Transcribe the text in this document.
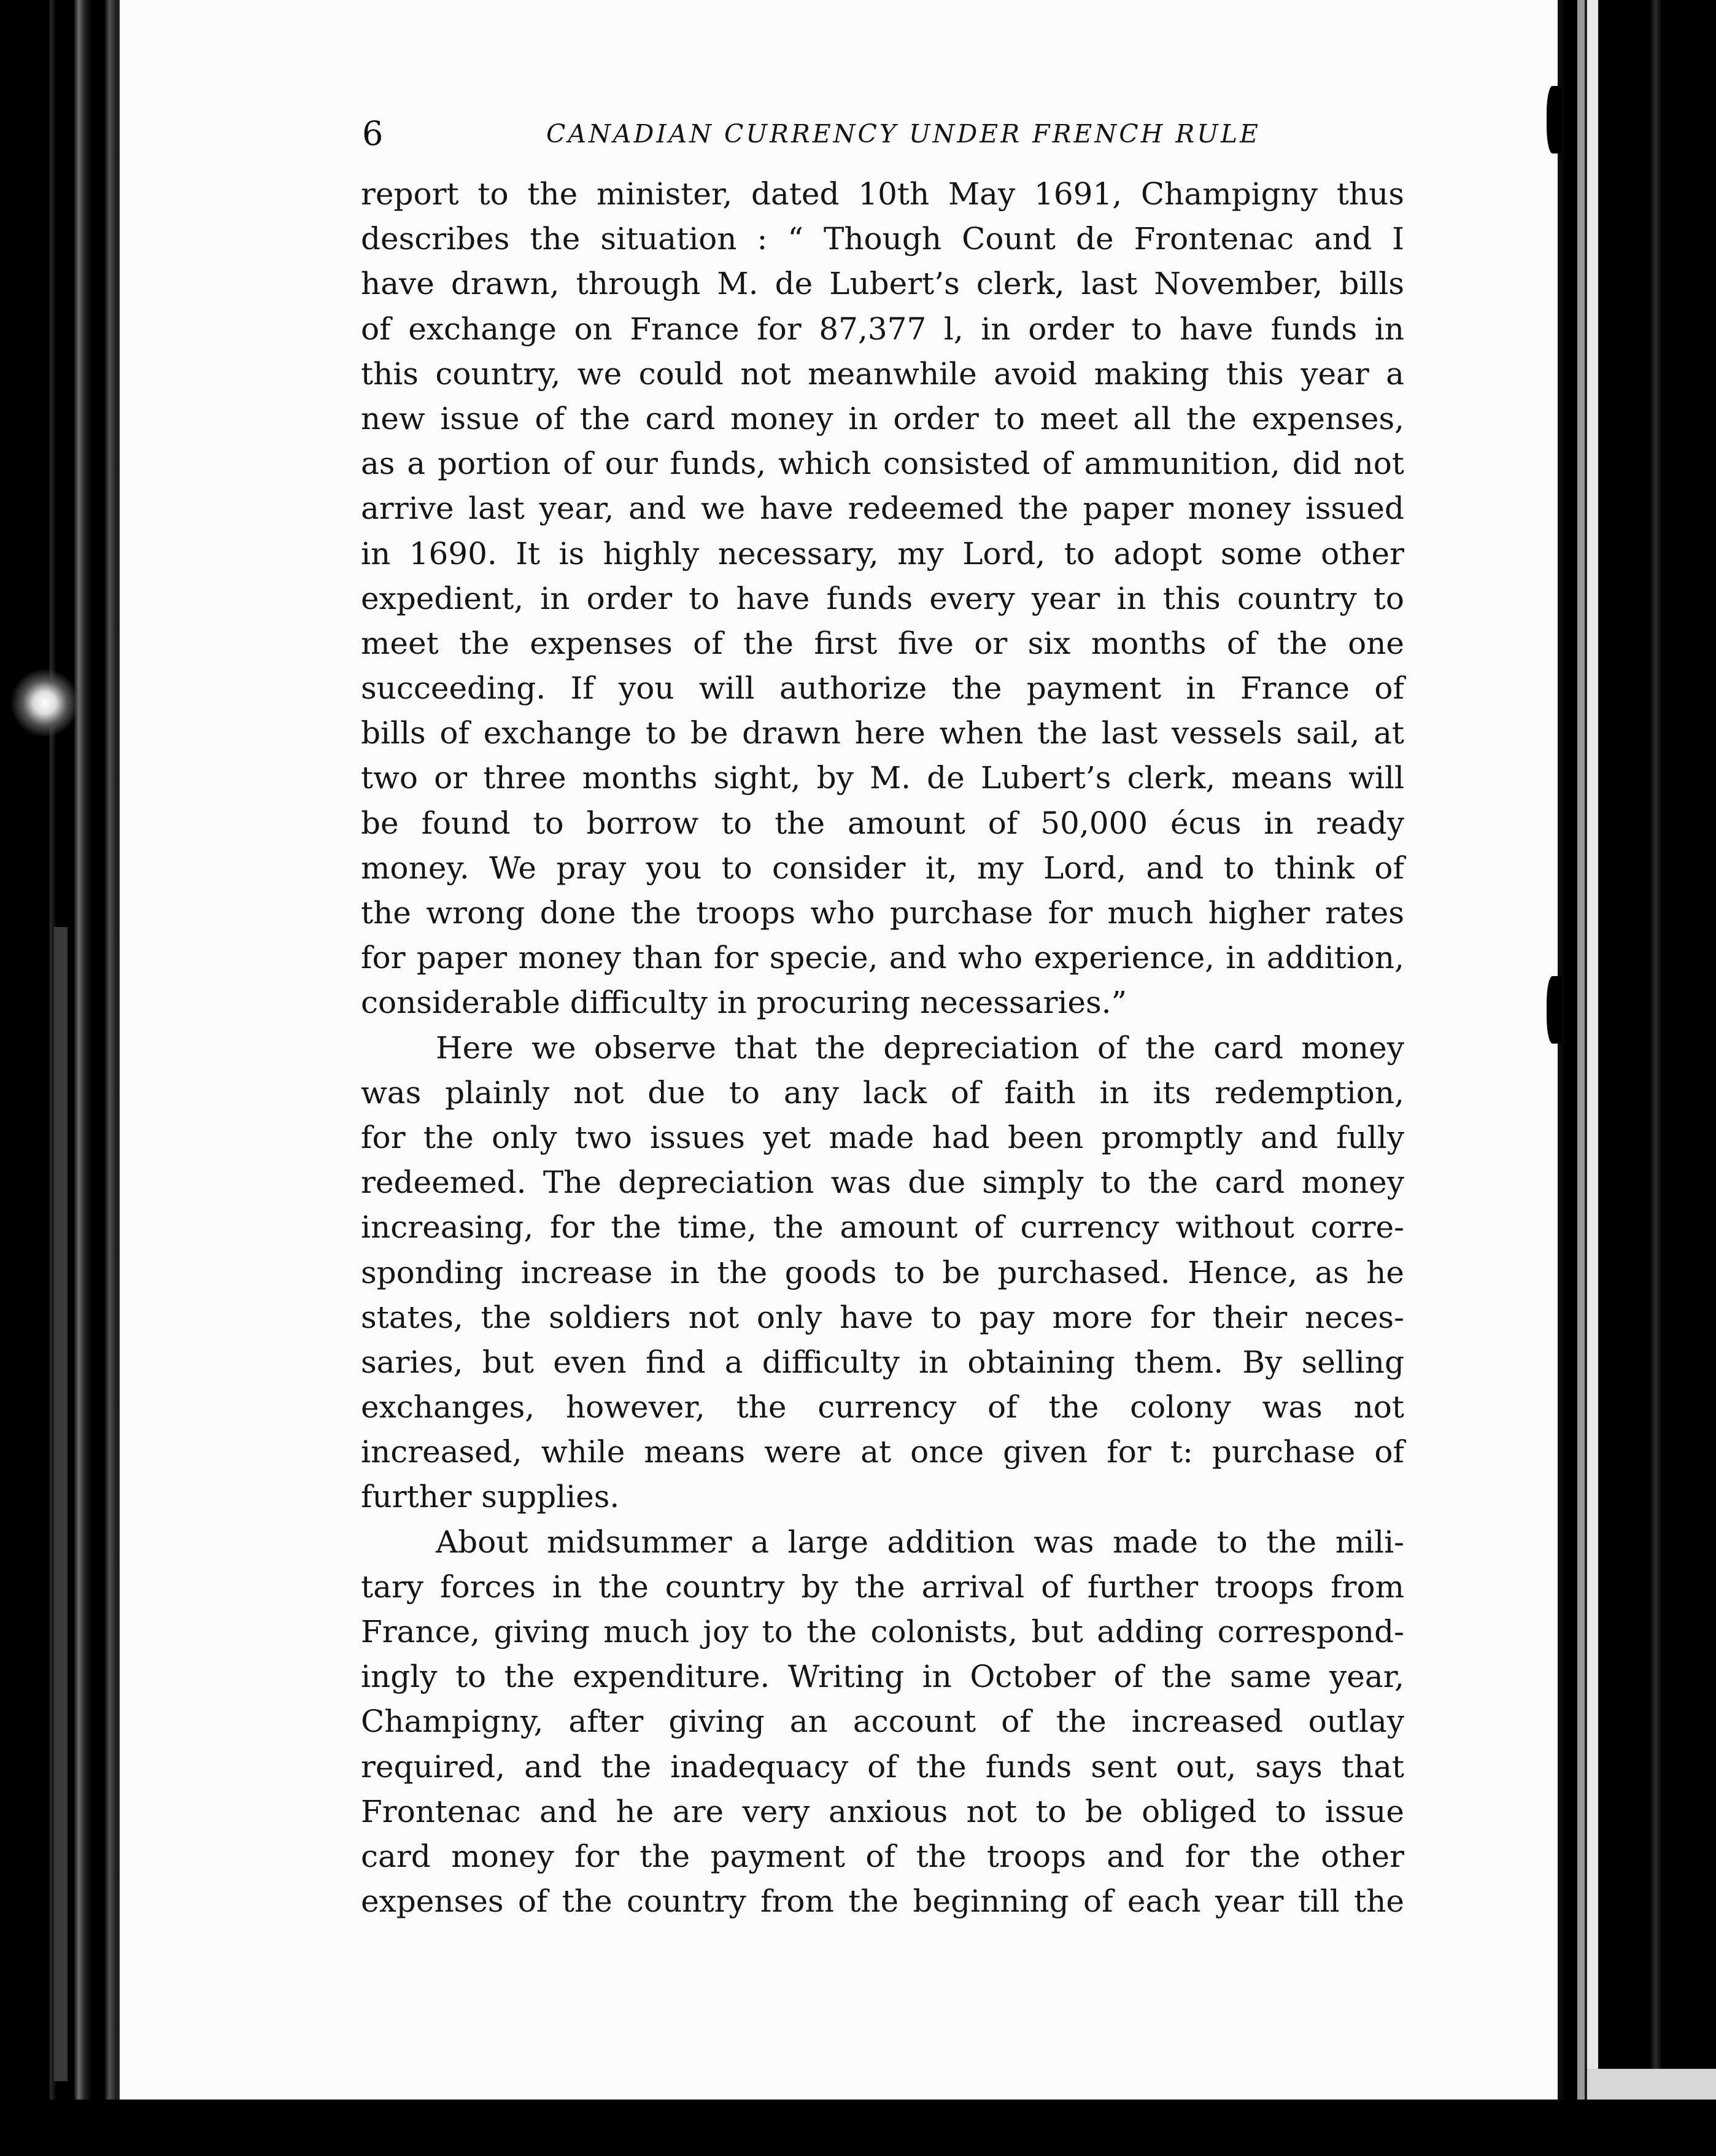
6	CANADIAN CURRENCY UNDER FRENCH RULE
report to the minister, dated 10th May 1691, Champigny thus
describes the situation : “ Though Count de Frontenac and I
have drawn, through M. de Lubert’s clerk, last November, bills
of exchange on France for 87,377 l, in order to have funds in
this country, we could not meanwhile avoid making this year a
new issue of the card money in order to meet all the expenses,
as a portion of our funds, which consisted of ammunition, did not
arrive last year, and we have redeemed the paper money issued
in 1690. It is highly necessary, my Lord, to adopt some other
expedient, in order to have funds every year in this country to
meet the expenses of the first five or six months of the one
succeeding. If you will authorize the payment in France of
bills of exchange to be drawn here when the last vessels sail, at
two or three months sight, by M. de Lubert’s clerk, means will
be found to borrow to the amount of 50,000 écus in ready
money. We pray you to consider it, my Lord, and to think of
the wrong done the troops who purchase for much higher rates
for paper money than for specie, and who experience, in addition,
considerable difficulty in procuring necessaries.”
Here we observe that the depreciation of the card money
was plainly not due to any lack of faith in its redemption,
for the only two issues yet made had been promptly and fully
redeemed. The depreciation was due simply to the card money
increasing, for the time, the amount of currency without corre-
sponding increase in the goods to be purchased. Hence, as he
states, the soldiers not only have to pay more for their neces-
saries, but even find a difficulty in obtaining them. By selling
exchanges, however, the currency of the colony was not
increased, while means were at once given for t: purchase of
further supplies.
About midsummer a large addition was made to the mili-
tary forces in the country by the arrival of further troops from
France, giving much joy to the colonists, but adding correspond-
ingly to the expenditure. Writing in October of the same year,
Champigny, after giving an account of the increased outlay
required, and the inadequacy of the funds sent out, says that
Frontenac and he are very anxious not to be obliged to issue
card money for the payment of the troops and for the other
expenses of the country from the beginning of each year till the
